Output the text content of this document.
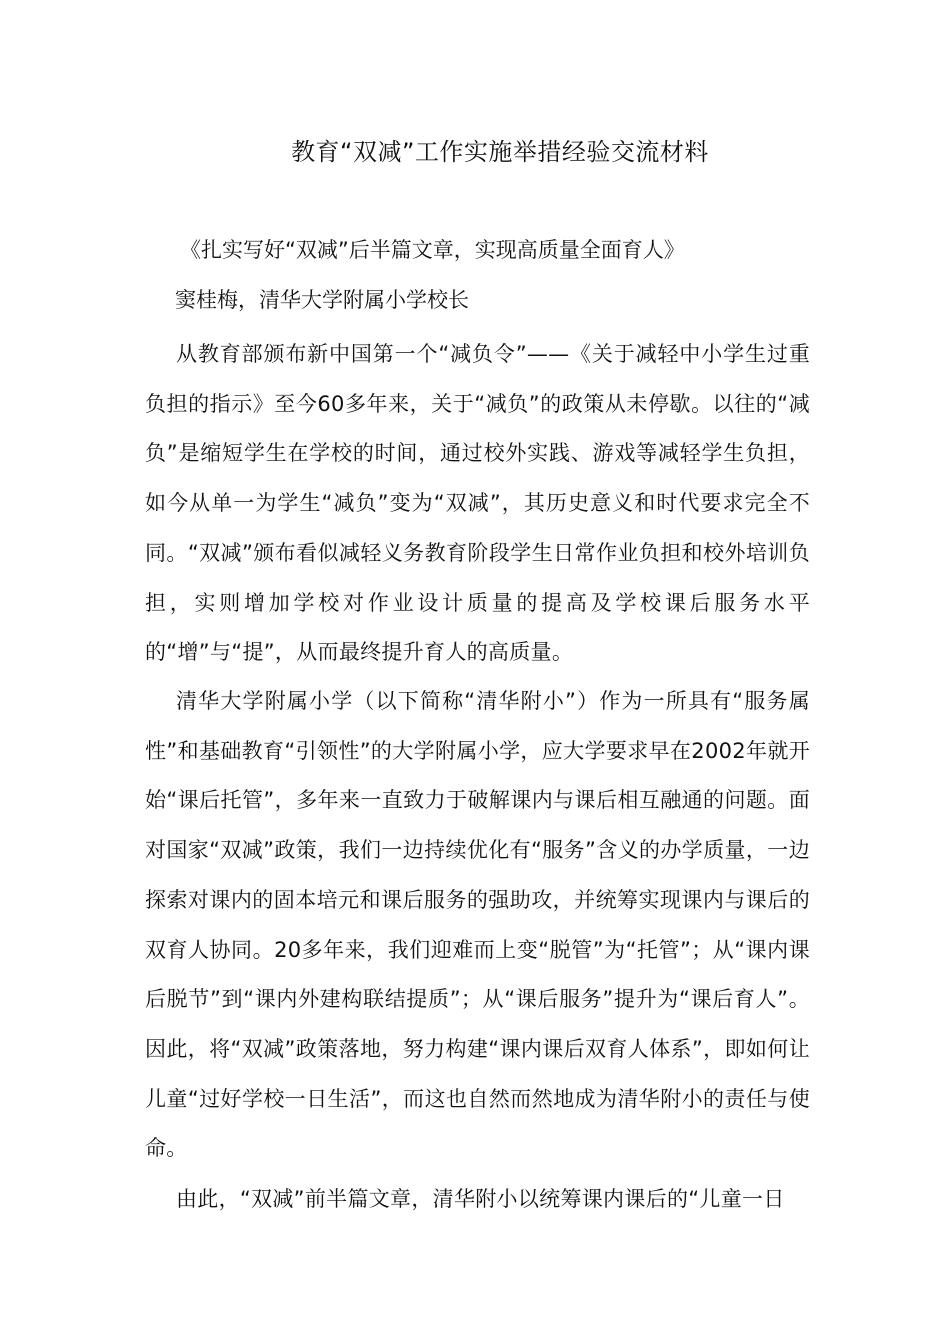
教育“双减”工作实施举措经验交流材料
《扎实写好“双减”后半篇文章，实现高质量全面育人》
窦桂梅，清华大学附属小学校长

从教育部颁布新中国第一个“减负令”——《关于减轻中小学生过重负担的指示》至今60多年来，关于“减负”的政策从未停歇。以往的“减负”是缩短学生在学校的时间，通过校外实践、游戏等减轻学生负担，如今从单一为学生“减负”变为“双减”，其历史意义和时代要求完全不同。“双减”颁布看似减轻义务教育阶段学生日常作业负担和校外培训负担，实则增加学校对作业设计质量的提高及学校课后服务水平的“增”与“提”，从而最终提升育人的高质量。

清华大学附属小学（以下简称“清华附小”）作为一所具有“服务属性”和基础教育“引领性”的大学附属小学，应大学要求早在2002年就开始“课后托管”，多年来一直致力于破解课内与课后相互融通的问题。面对国家“双减”政策，我们一边持续优化有“服务”含义的办学质量，一边探索对课内的固本培元和课后服务的强助攻，并统筹实现课内与课后的双育人协同。20多年来，我们迎难而上变“脱管”为“托管”；从“课内课后脱节”到“课内外建构联结提质”；从“课后服务”提升为“课后育人”。因此，将“双减”政策落地，努力构建“课内课后双育人体系”，即如何让儿童“过好学校一日生活”，而这也自然而然地成为清华附小的责任与使命。

由此，“双减”前半篇文章，清华附小以统筹课内课后的“儿童一日
